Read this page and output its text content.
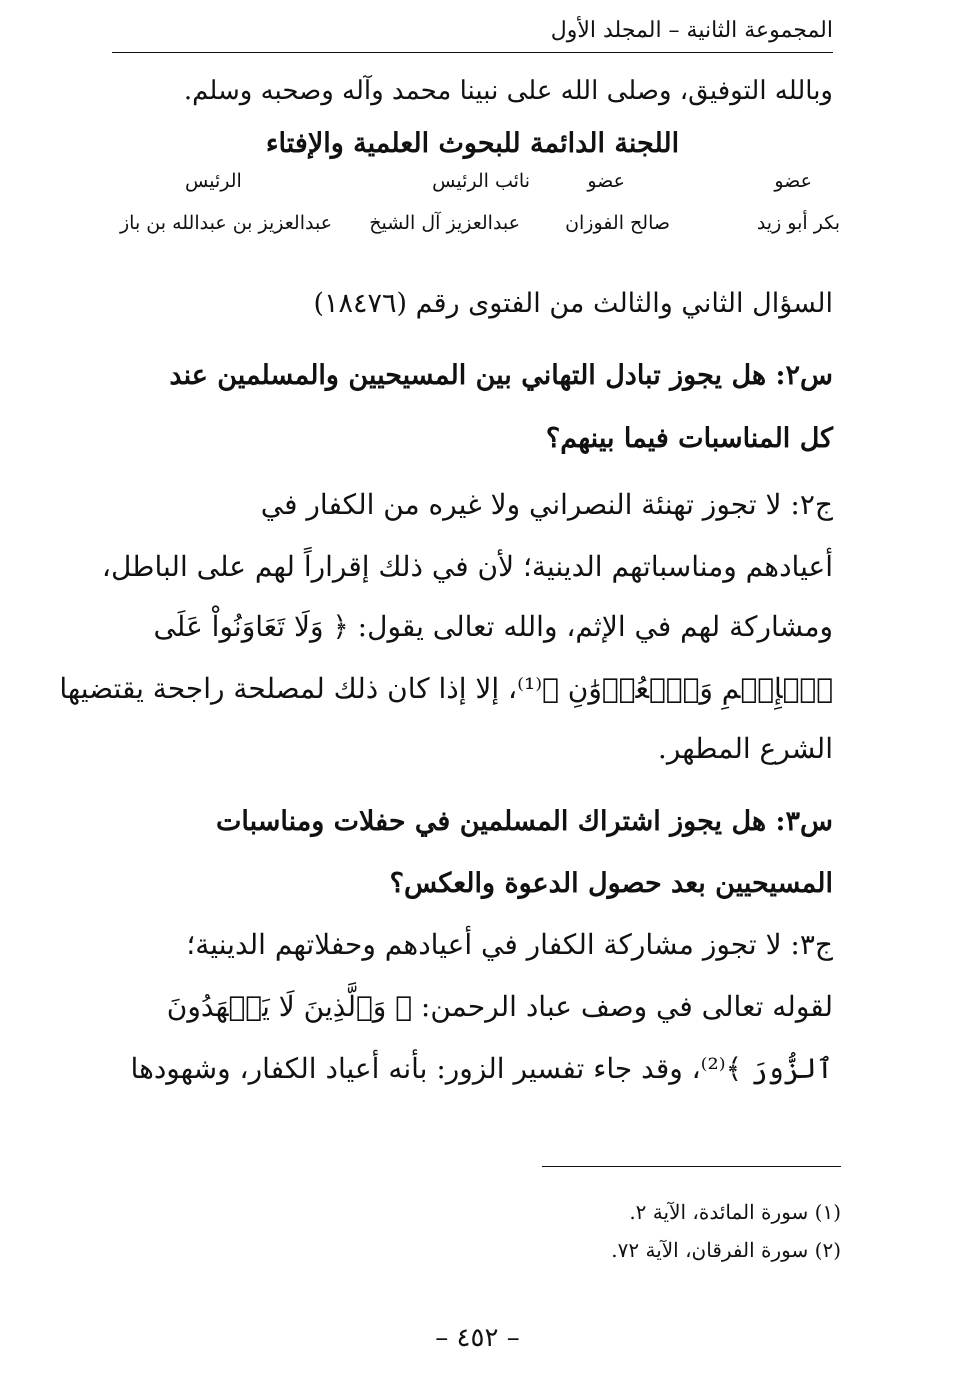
المجموعة الثانية – المجلد الأول
وبالله التوفيق، وصلى الله على نبينا محمد وآله وصحبه وسلم.
اللجنة الدائمة للبحوث العلمية والإفتاء
عضو
عضو
نائب الرئيس
الرئيس
بكر أبو زيد
صالح الفوزان
عبدالعزيز آل الشيخ
عبدالعزيز بن عبدالله بن باز
السؤال الثاني والثالث من الفتوى رقم (١٨٤٧٦)
س٢: هل يجوز تبادل التهاني بين المسيحيين والمسلمين عند
كل المناسبات فيما بينهم؟
ج٢: لا تجوز تهنئة النصراني ولا غيره من الكفار في
أعيادهم ومناسباتهم الدينية؛ لأن في ذلك إقراراً لهم على الباطل،
ومشاركة لهم في الإثم، والله تعالى يقول: ﴿ وَلَا تَعَاوَنُواْ عَلَى
ٱلۡإِثۡمِ وَٱلۡعُدۡوَٰنِ ﴾⁽¹⁾، إلا إذا كان ذلك لمصلحة راجحة يقتضيها
الشرع المطهر.
س٣: هل يجوز اشتراك المسلمين في حفلات ومناسبات
المسيحيين بعد حصول الدعوة والعكس؟
ج٣: لا تجوز مشاركة الكفار في أعيادهم وحفلاتهم الدينية؛
لقوله تعالى في وصف عباد الرحمن: ﴿ وَٱلَّذِينَ لَا يَشۡهَدُونَ
ٱلزُّورَ ﴾⁽²⁾، وقد جاء تفسير الزور: بأنه أعياد الكفار، وشهودها
(١) سورة المائدة، الآية ٢.
(٢) سورة الفرقان، الآية ٧٢.
– ٤٥٢ –
